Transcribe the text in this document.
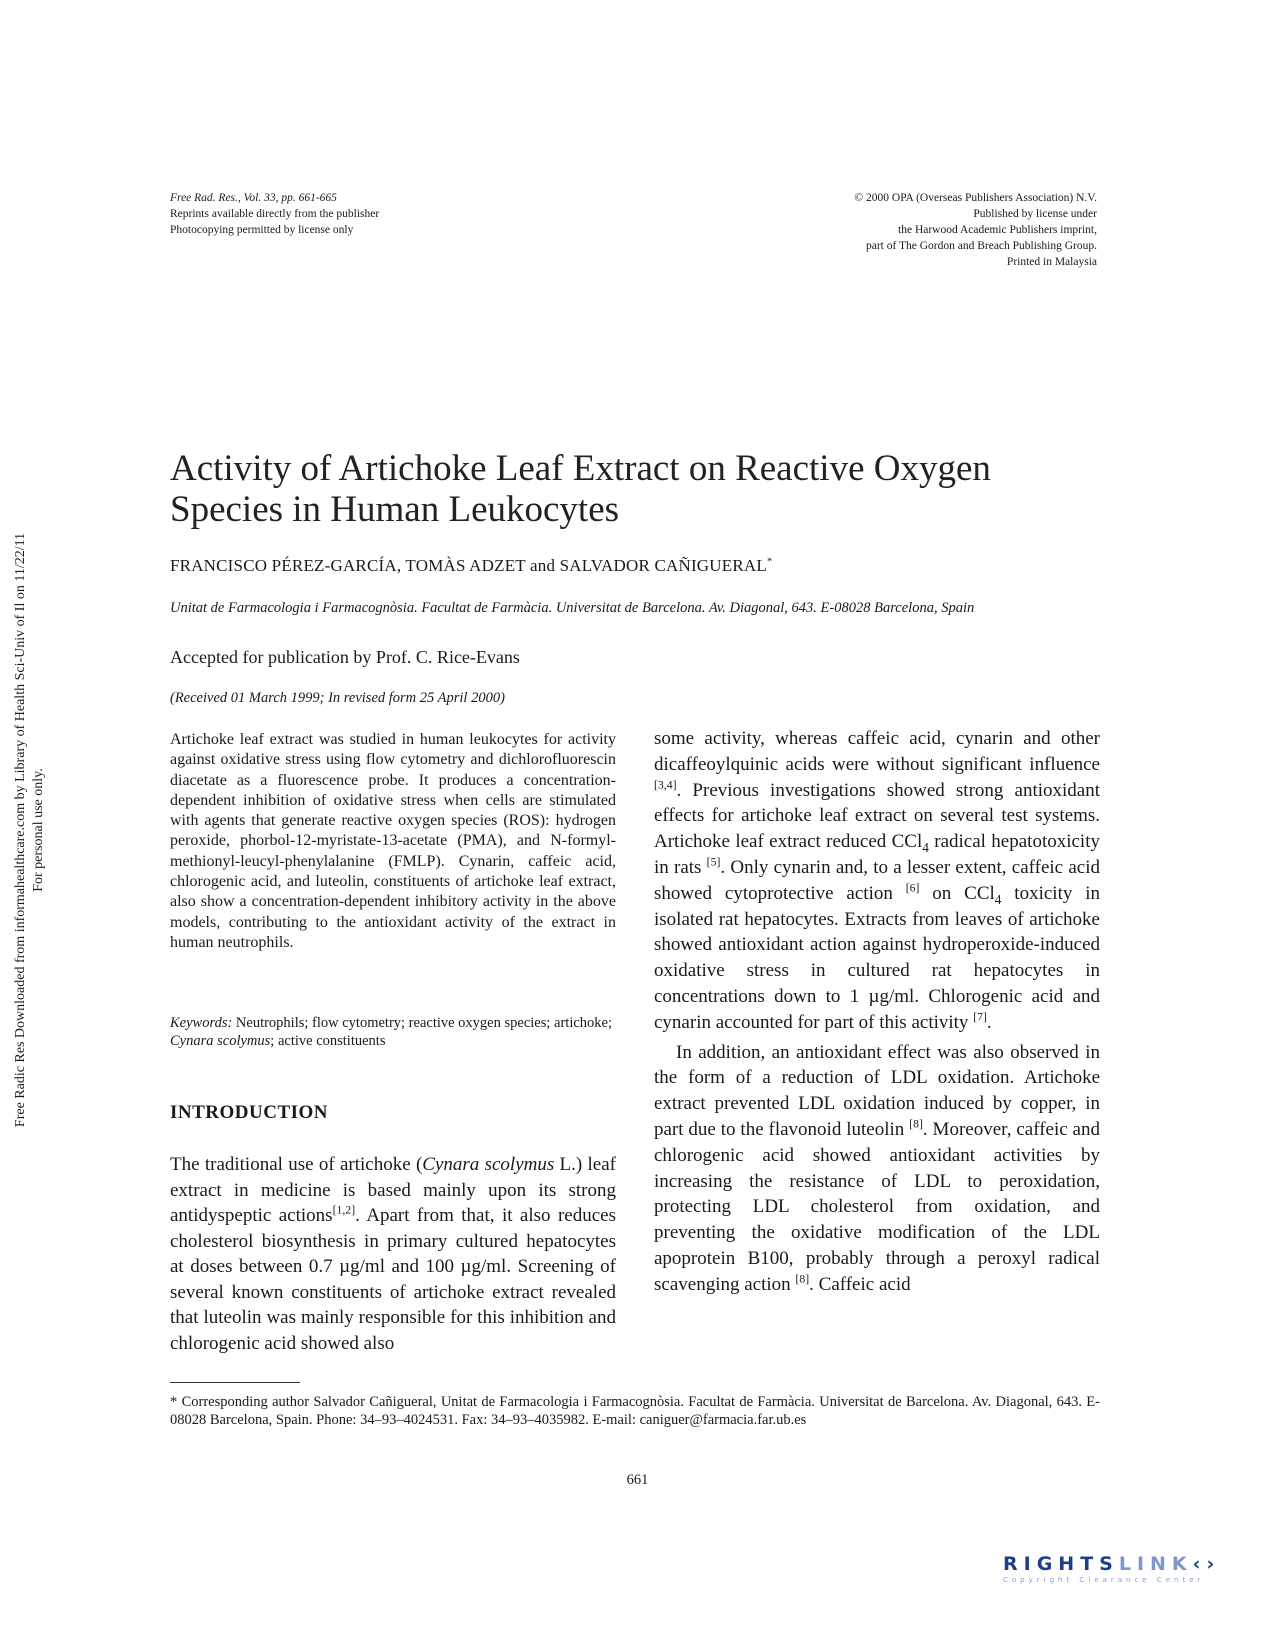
Free Rad. Res., Vol. 33, pp. 661-665
Reprints available directly from the publisher
Photocopying permitted by license only
© 2000 OPA (Overseas Publishers Association) N.V.
Published by license under
the Harwood Academic Publishers imprint,
part of The Gordon and Breach Publishing Group.
Printed in Malaysia
Free Radic Res Downloaded from informahealthcare.com by Library of Health Sci-Univ of Il on 11/22/11 For personal use only.
Activity of Artichoke Leaf Extract on Reactive Oxygen Species in Human Leukocytes
FRANCISCO PÉREZ-GARCÍA, TOMÀS ADZET and SALVADOR CAÑIGUERAL*
Unitat de Farmacologia i Farmacognòsia. Facultat de Farmàcia. Universitat de Barcelona. Av. Diagonal, 643. E-08028 Barcelona, Spain
Accepted for publication by Prof. C. Rice-Evans
(Received 01 March 1999; In revised form 25 April 2000)

Artichoke leaf extract was studied in human leukocytes for activity against oxidative stress using flow cytometry and dichlorofluorescin diacetate as a fluorescence probe. It produces a concentration-dependent inhibition of oxidative stress when cells are stimulated with agents that generate reactive oxygen species (ROS): hydrogen peroxide, phorbol-12-myristate-13-acetate (PMA), and N-formyl-methionyl-leucyl-phenylalanine (FMLP). Cynarin, caffeic acid, chlorogenic acid, and luteolin, constituents of artichoke leaf extract, also show a concentration-dependent inhibitory activity in the above models, contributing to the antioxidant activity of the extract in human neutrophils.

Keywords: Neutrophils; flow cytometry; reactive oxygen species; artichoke; Cynara scolymus; active constituents

INTRODUCTION

The traditional use of artichoke (Cynara scolymus L.) leaf extract in medicine is based mainly upon its strong antidyspeptic actions[1,2]. Apart from that, it also reduces cholesterol biosynthesis in primary cultured hepatocytes at doses between 0.7 µg/ml and 100 µg/ml. Screening of several known constituents of artichoke extract revealed that luteolin was mainly responsible for this inhibition and chlorogenic acid showed also

some activity, whereas caffeic acid, cynarin and other dicaffeoylquinic acids were without significant influence [3,4]. Previous investigations showed strong antioxidant effects for artichoke leaf extract on several test systems. Artichoke leaf extract reduced CCl$_4$ radical hepatotoxicity in rats [5]. Only cynarin and, to a lesser extent, caffeic acid showed cytoprotective action [6] on CCl$_4$ toxicity in isolated rat hepatocytes. Extracts from leaves of artichoke showed antioxidant action against hydroperoxide-induced oxidative stress in cultured rat hepatocytes in concentrations down to 1 µg/ml. Chlorogenic acid and cynarin accounted for part of this activity [7].

In addition, an antioxidant effect was also observed in the form of a reduction of LDL oxidation. Artichoke extract prevented LDL oxidation induced by copper, in part due to the flavonoid luteolin [8]. Moreover, caffeic and chlorogenic acid showed antioxidant activities by increasing the resistance of LDL to peroxidation, protecting LDL cholesterol from oxidation, and preventing the oxidative modification of the LDL apoprotein B100, probably through a peroxyl radical scavenging action [8]. Caffeic acid

* Corresponding author Salvador Cañigueral, Unitat de Farmacologia i Farmacognòsia. Facultat de Farmàcia. Universitat de Barcelona. Av. Diagonal, 643. E-08028 Barcelona, Spain. Phone: 34–93–4024531. Fax: 34–93–4035982. E-mail: caniguer@farmacia.far.ub.es
661
RIGHTSLINK‹›
Copyright Clearance Center
